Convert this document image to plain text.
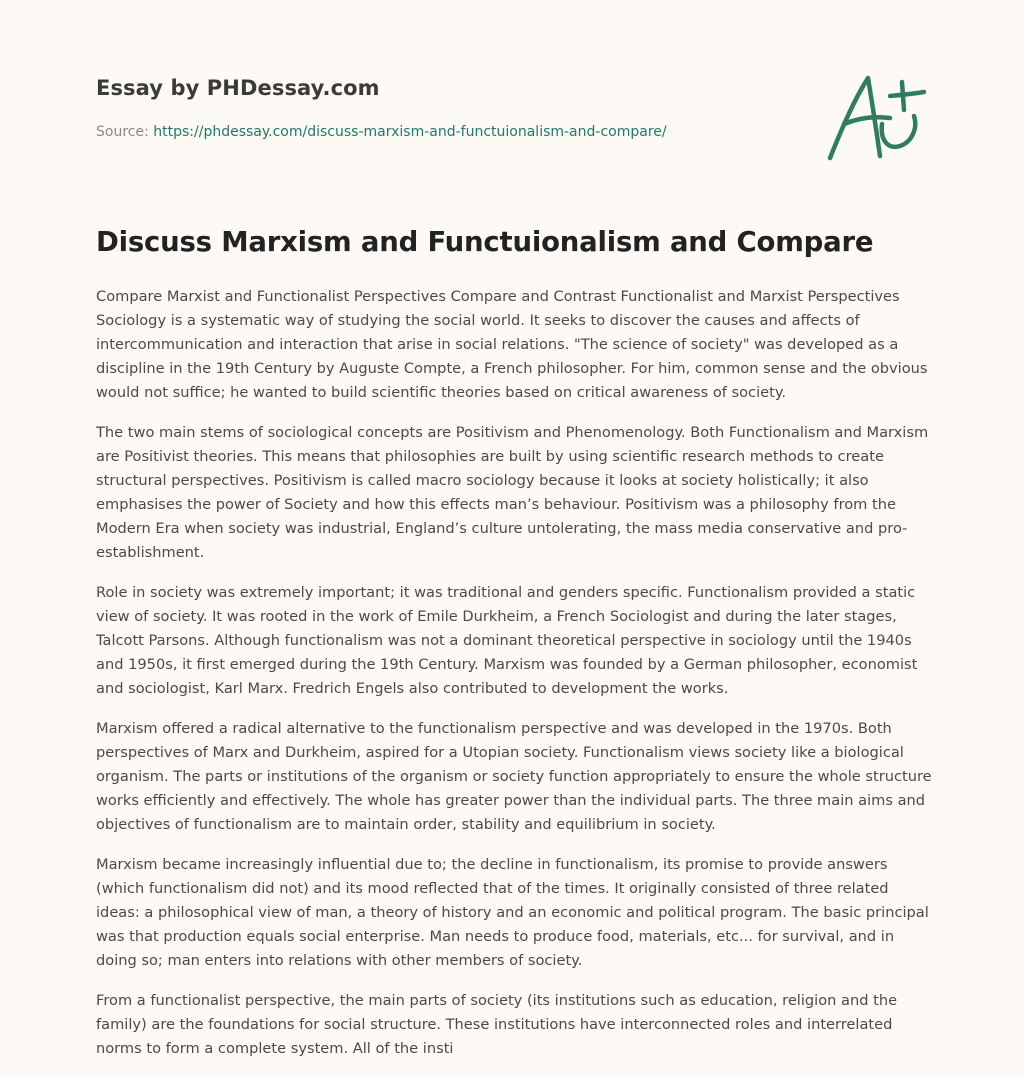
Essay by PHDessay.com
Source: https://phdessay.com/discuss-marxism-and-functuionalism-and-compare/
Discuss Marxism and Functuionalism and Compare

Compare Marxist and Functionalist Perspectives Compare and Contrast Functionalist and Marxist Perspectives Sociology is a systematic way of studying the social world. It seeks to discover the causes and affects of intercommunication and interaction that arise in social relations. "The science of society" was developed as a discipline in the 19th Century by Auguste Compte, a French philosopher. For him, common sense and the obvious would not suffice; he wanted to build scientific theories based on critical awareness of society.

The two main stems of sociological concepts are Positivism and Phenomenology. Both Functionalism and Marxism are Positivist theories. This means that philosophies are built by using scientific research methods to create structural perspectives. Positivism is called macro sociology because it looks at society holistically; it also emphasises the power of Society and how this effects man’s behaviour. Positivism was a philosophy from the Modern Era when society was industrial, England’s culture untolerating, the mass media conservative and pro-establishment.

Role in society was extremely important; it was traditional and genders specific. Functionalism provided a static view of society. It was rooted in the work of Emile Durkheim, a French Sociologist and during the later stages, Talcott Parsons. Although functionalism was not a dominant theoretical perspective in sociology until the 1940s and 1950s, it first emerged during the 19th Century. Marxism was founded by a German philosopher, economist and sociologist, Karl Marx. Fredrich Engels also contributed to development the works.

Marxism offered a radical alternative to the functionalism perspective and was developed in the 1970s. Both perspectives of Marx and Durkheim, aspired for a Utopian society. Functionalism views society like a biological organism. The parts or institutions of the organism or society function appropriately to ensure the whole structure works efficiently and effectively. The whole has greater power than the individual parts. The three main aims and objectives of functionalism are to maintain order, stability and equilibrium in society.

Marxism became increasingly influential due to; the decline in functionalism, its promise to provide answers (which functionalism did not) and its mood reflected that of the times. It originally consisted of three related ideas: a philosophical view of man, a theory of history and an economic and political program. The basic principal was that production equals social enterprise. Man needs to produce food, materials, etc... for survival, and in doing so; man enters into relations with other members of society.

From a functionalist perspective, the main parts of society (its institutions such as education, religion and the family) are the foundations for social structure. These institutions have interconnected roles and interrelated norms to form a complete system. All of the insti
